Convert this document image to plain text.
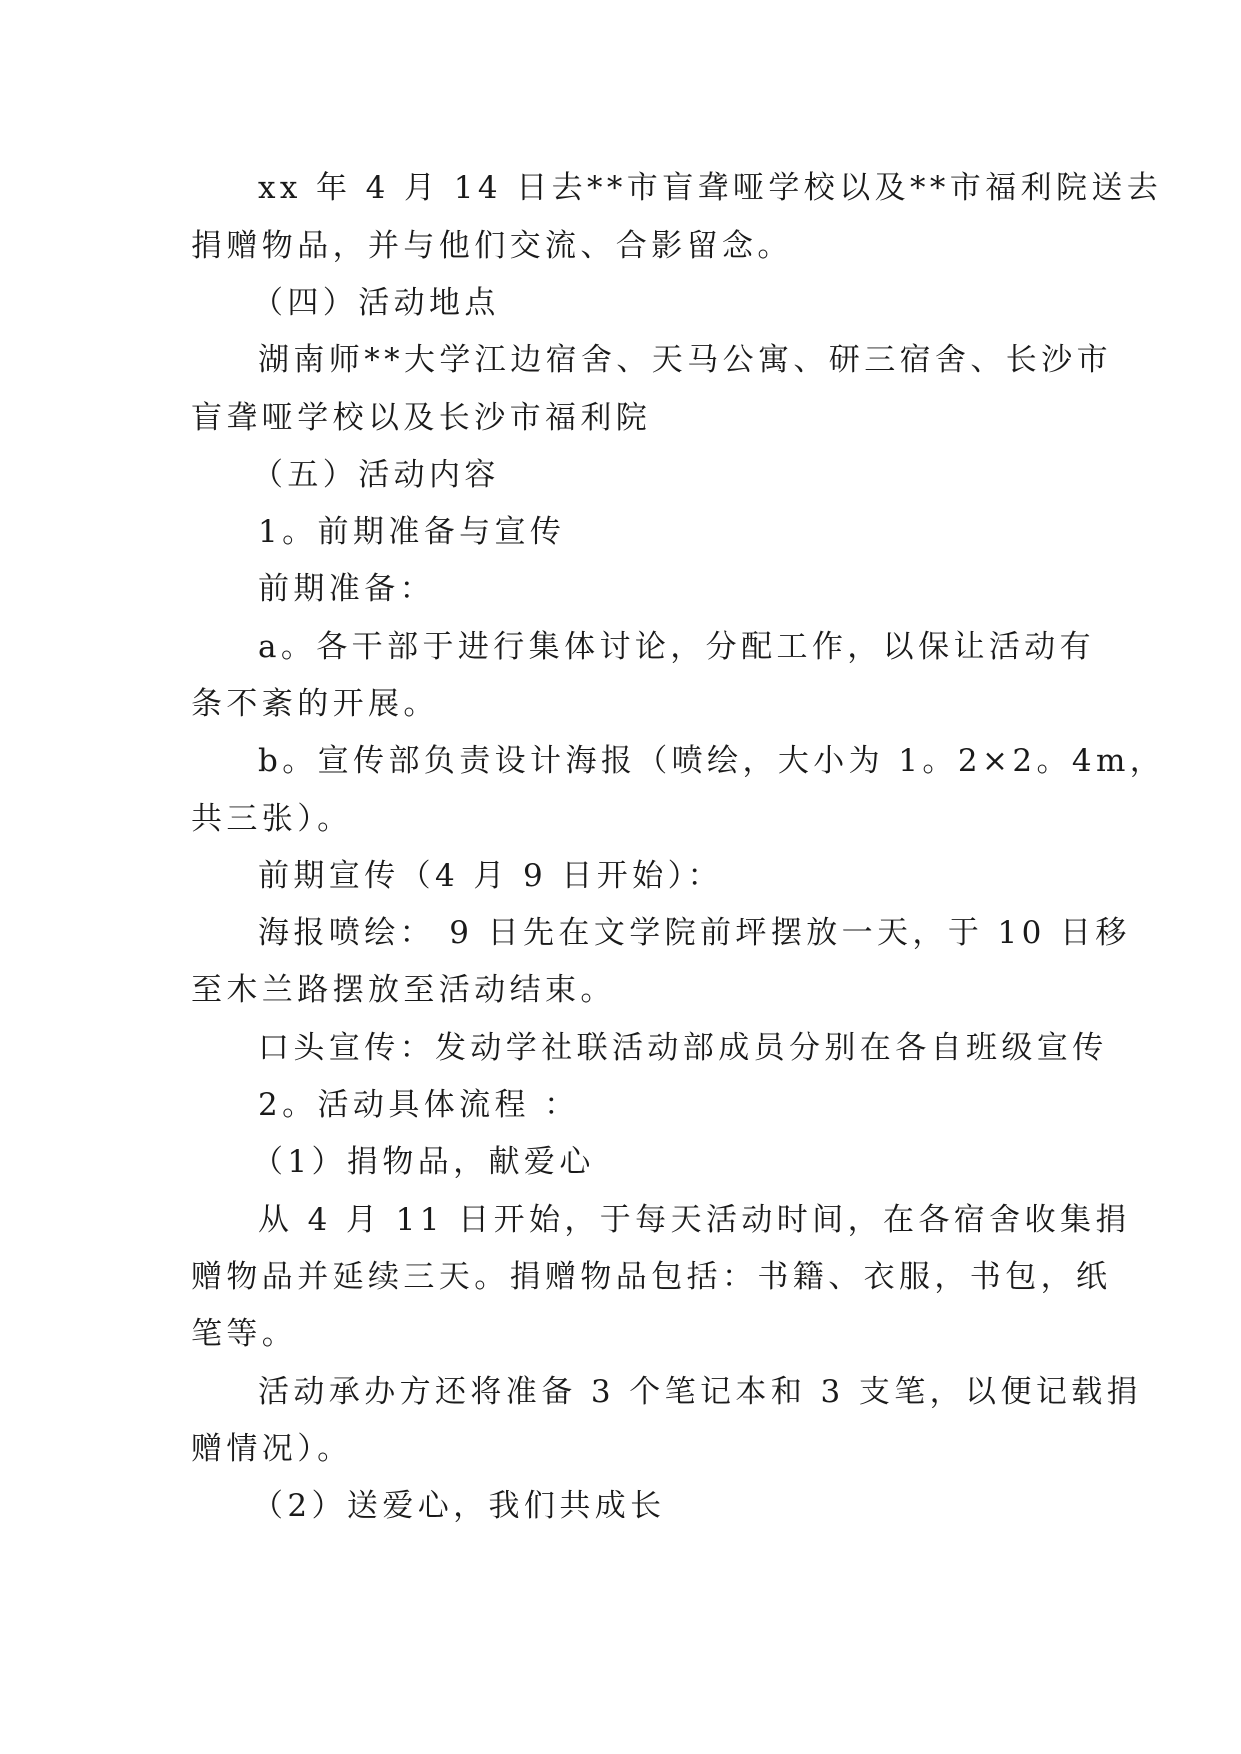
xx 年 4 月 14 日去**市盲聋哑学校以及**市福利院送去
捐赠物品，并与他们交流、合影留念。
（四）活动地点
湖南师**大学江边宿舍、天马公寓、研三宿舍、长沙市
盲聋哑学校以及长沙市福利院
（五）活动内容
1。前期准备与宣传
前期准备：
a。各干部于进行集体讨论，分配工作，以保让活动有
条不紊的开展。
b。宣传部负责设计海报（喷绘，大小为 1。2×2。4m，
共三张）。
前期宣传（4 月 9 日开始）：
海报喷绘： 9 日先在文学院前坪摆放一天，于 10 日移
至木兰路摆放至活动结束。
口头宣传：发动学社联活动部成员分别在各自班级宣传
2。活动具体流程 ：
（1）捐物品，献爱心
从 4 月 11 日开始，于每天活动时间，在各宿舍收集捐
赠物品并延续三天。捐赠物品包括：书籍、衣服，书包，纸
笔等。
活动承办方还将准备 3 个笔记本和 3 支笔，以便记载捐
赠情况）。
（2）送爱心，我们共成长
